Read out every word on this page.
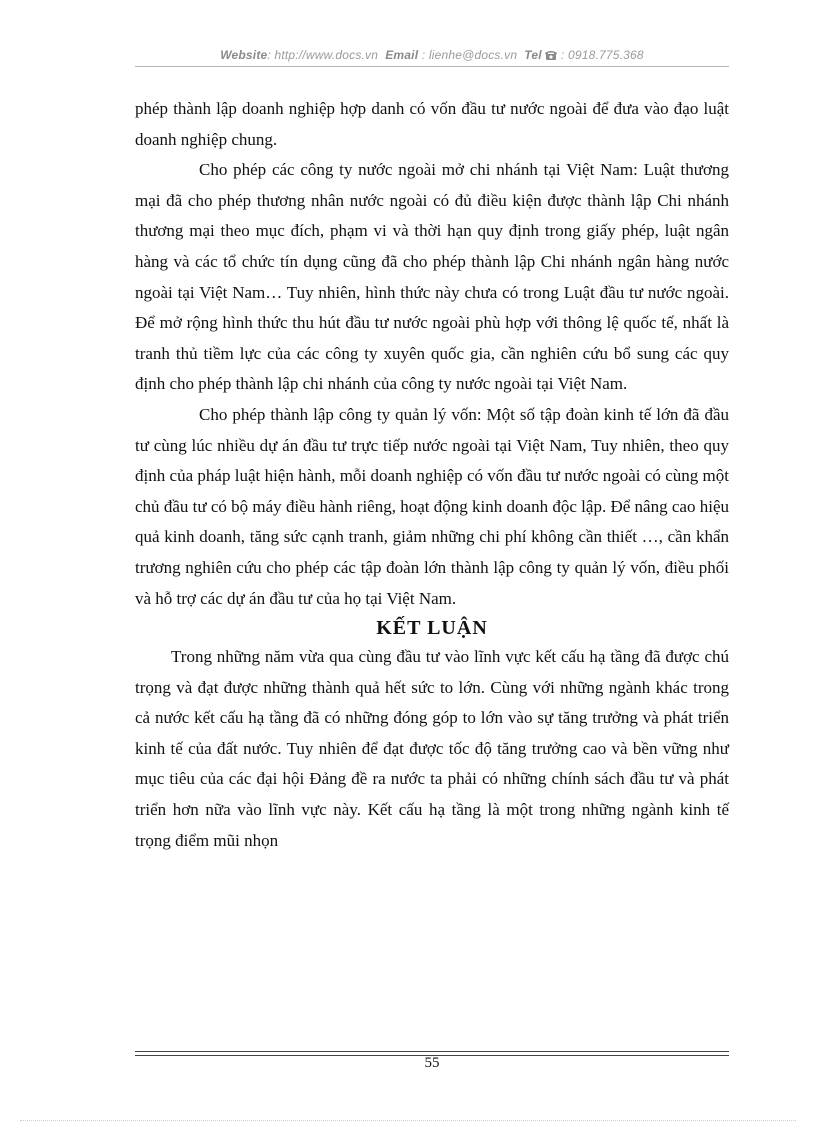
Website: http://www.docs.vn Email : lienhe@docs.vn Tel : 0918.775.368

phép thành lập doanh nghiệp hợp danh có vốn đầu tư nước ngoài để đưa vào đạo luật doanh nghiệp chung.

Cho phép các công ty nước ngoài mở chi nhánh tại Việt Nam: Luật thương mại đã cho phép thương nhân nước ngoài có đủ điều kiện được thành lập Chi nhánh thương mại theo mục đích, phạm vi và thời hạn quy định trong giấy phép, luật ngân hàng và các tổ chức tín dụng cũng đã cho phép thành lập Chi nhánh ngân hàng nước ngoài tại Việt Nam… Tuy nhiên, hình thức này chưa có trong Luật đầu tư nước ngoài. Để mở rộng hình thức thu hút đầu tư nước ngoài phù hợp với thông lệ quốc tế, nhất là tranh thủ tiềm lực của các công ty xuyên quốc gia, cần nghiên cứu bổ sung các quy định cho phép thành lập chi nhánh của công ty nước ngoài tại Việt Nam.

Cho phép thành lập công ty quản lý vốn: Một số tập đoàn kinh tế lớn đã đầu tư cùng lúc nhiều dự án đầu tư trực tiếp nước ngoài tại Việt Nam, Tuy nhiên, theo quy định của pháp luật hiện hành, mỗi doanh nghiệp có vốn đầu tư nước ngoài có cùng một chủ đầu tư có bộ máy điều hành riêng, hoạt động kinh doanh độc lập. Để nâng cao hiệu quả kinh doanh, tăng sức cạnh tranh, giảm những chi phí không cần thiết …, cần khẩn trương nghiên cứu cho phép các tập đoàn lớn thành lập công ty quản lý vốn, điều phối và hỗ trợ các dự án đầu tư của họ tại Việt Nam.

KẾT LUẬN

Trong những năm vừa qua cùng đầu tư vào lĩnh vực kết cấu hạ tầng đã được chú trọng và đạt được những thành quả hết sức to lớn. Cùng với những ngành khác trong cả nước kết cấu hạ tầng đã có những đóng góp to lớn vào sự tăng trưởng và phát triển kinh tế của đất nước. Tuy nhiên để đạt được tốc độ tăng trưởng cao và bền vững như mục tiêu của các đại hội Đảng đề ra nước ta phải có những chính sách đầu tư và phát triển hơn nữa vào lĩnh vực này. Kết cấu hạ tầng là một trong những ngành kinh tế trọng điểm mũi nhọn

55
